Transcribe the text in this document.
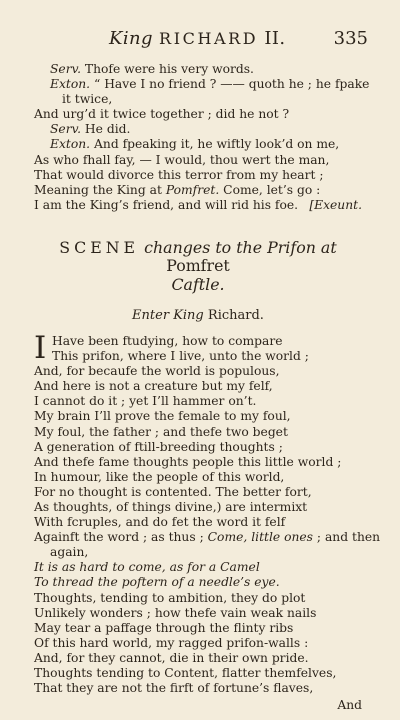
King RICHARD II.	335
Serv. Thofe were his very words.
Exton. “ Have I no friend ? —— quoth he ; he fpake
it twice,
And urg’d it twice together ; did he not ?
Serv. He did.
Exton. And fpeaking it, he wiftly look’d on me,
As who fhall fay, — I would, thou wert the man,
That would divorce this terror from my heart ;
Meaning the King at Pomfret. Come, let’s go :
I am the King’s friend, and will rid his foe. [Exeunt.
SCENE changes to the Prifon at Pomfret
Caftle.
Enter King Richard.
I Have been ftudying, how to compare
This prifon, where I live, unto the world ;
And, for becaufe the world is populous,
And here is not a creature but my felf,
I cannot do it ; yet I’ll hammer on’t.
My brain I’ll prove the female to my foul,
My foul, the father ; and thefe two beget
A generation of ftill-breeding thoughts ;
And thefe fame thoughts people this little world ;
In humour, like the people of this world,
For no thought is contented. The better fort,
As thoughts, of things divine,) are intermixt
With fcruples, and do fet the word it felf
Againft the word ; as thus ; Come, little ones ; and then
again,
It is as hard to come, as for a Camel
To thread the poftern of a needle’s eye.
Thoughts, tending to ambition, they do plot
Unlikely wonders ; how thefe vain weak nails
May tear a paffage through the flinty ribs
Of this hard world, my ragged prifon-walls :
And, for they cannot, die in their own pride.
Thoughts tending to Content, flatter themfelves,
That they are not the firft of fortune’s flaves,
And
